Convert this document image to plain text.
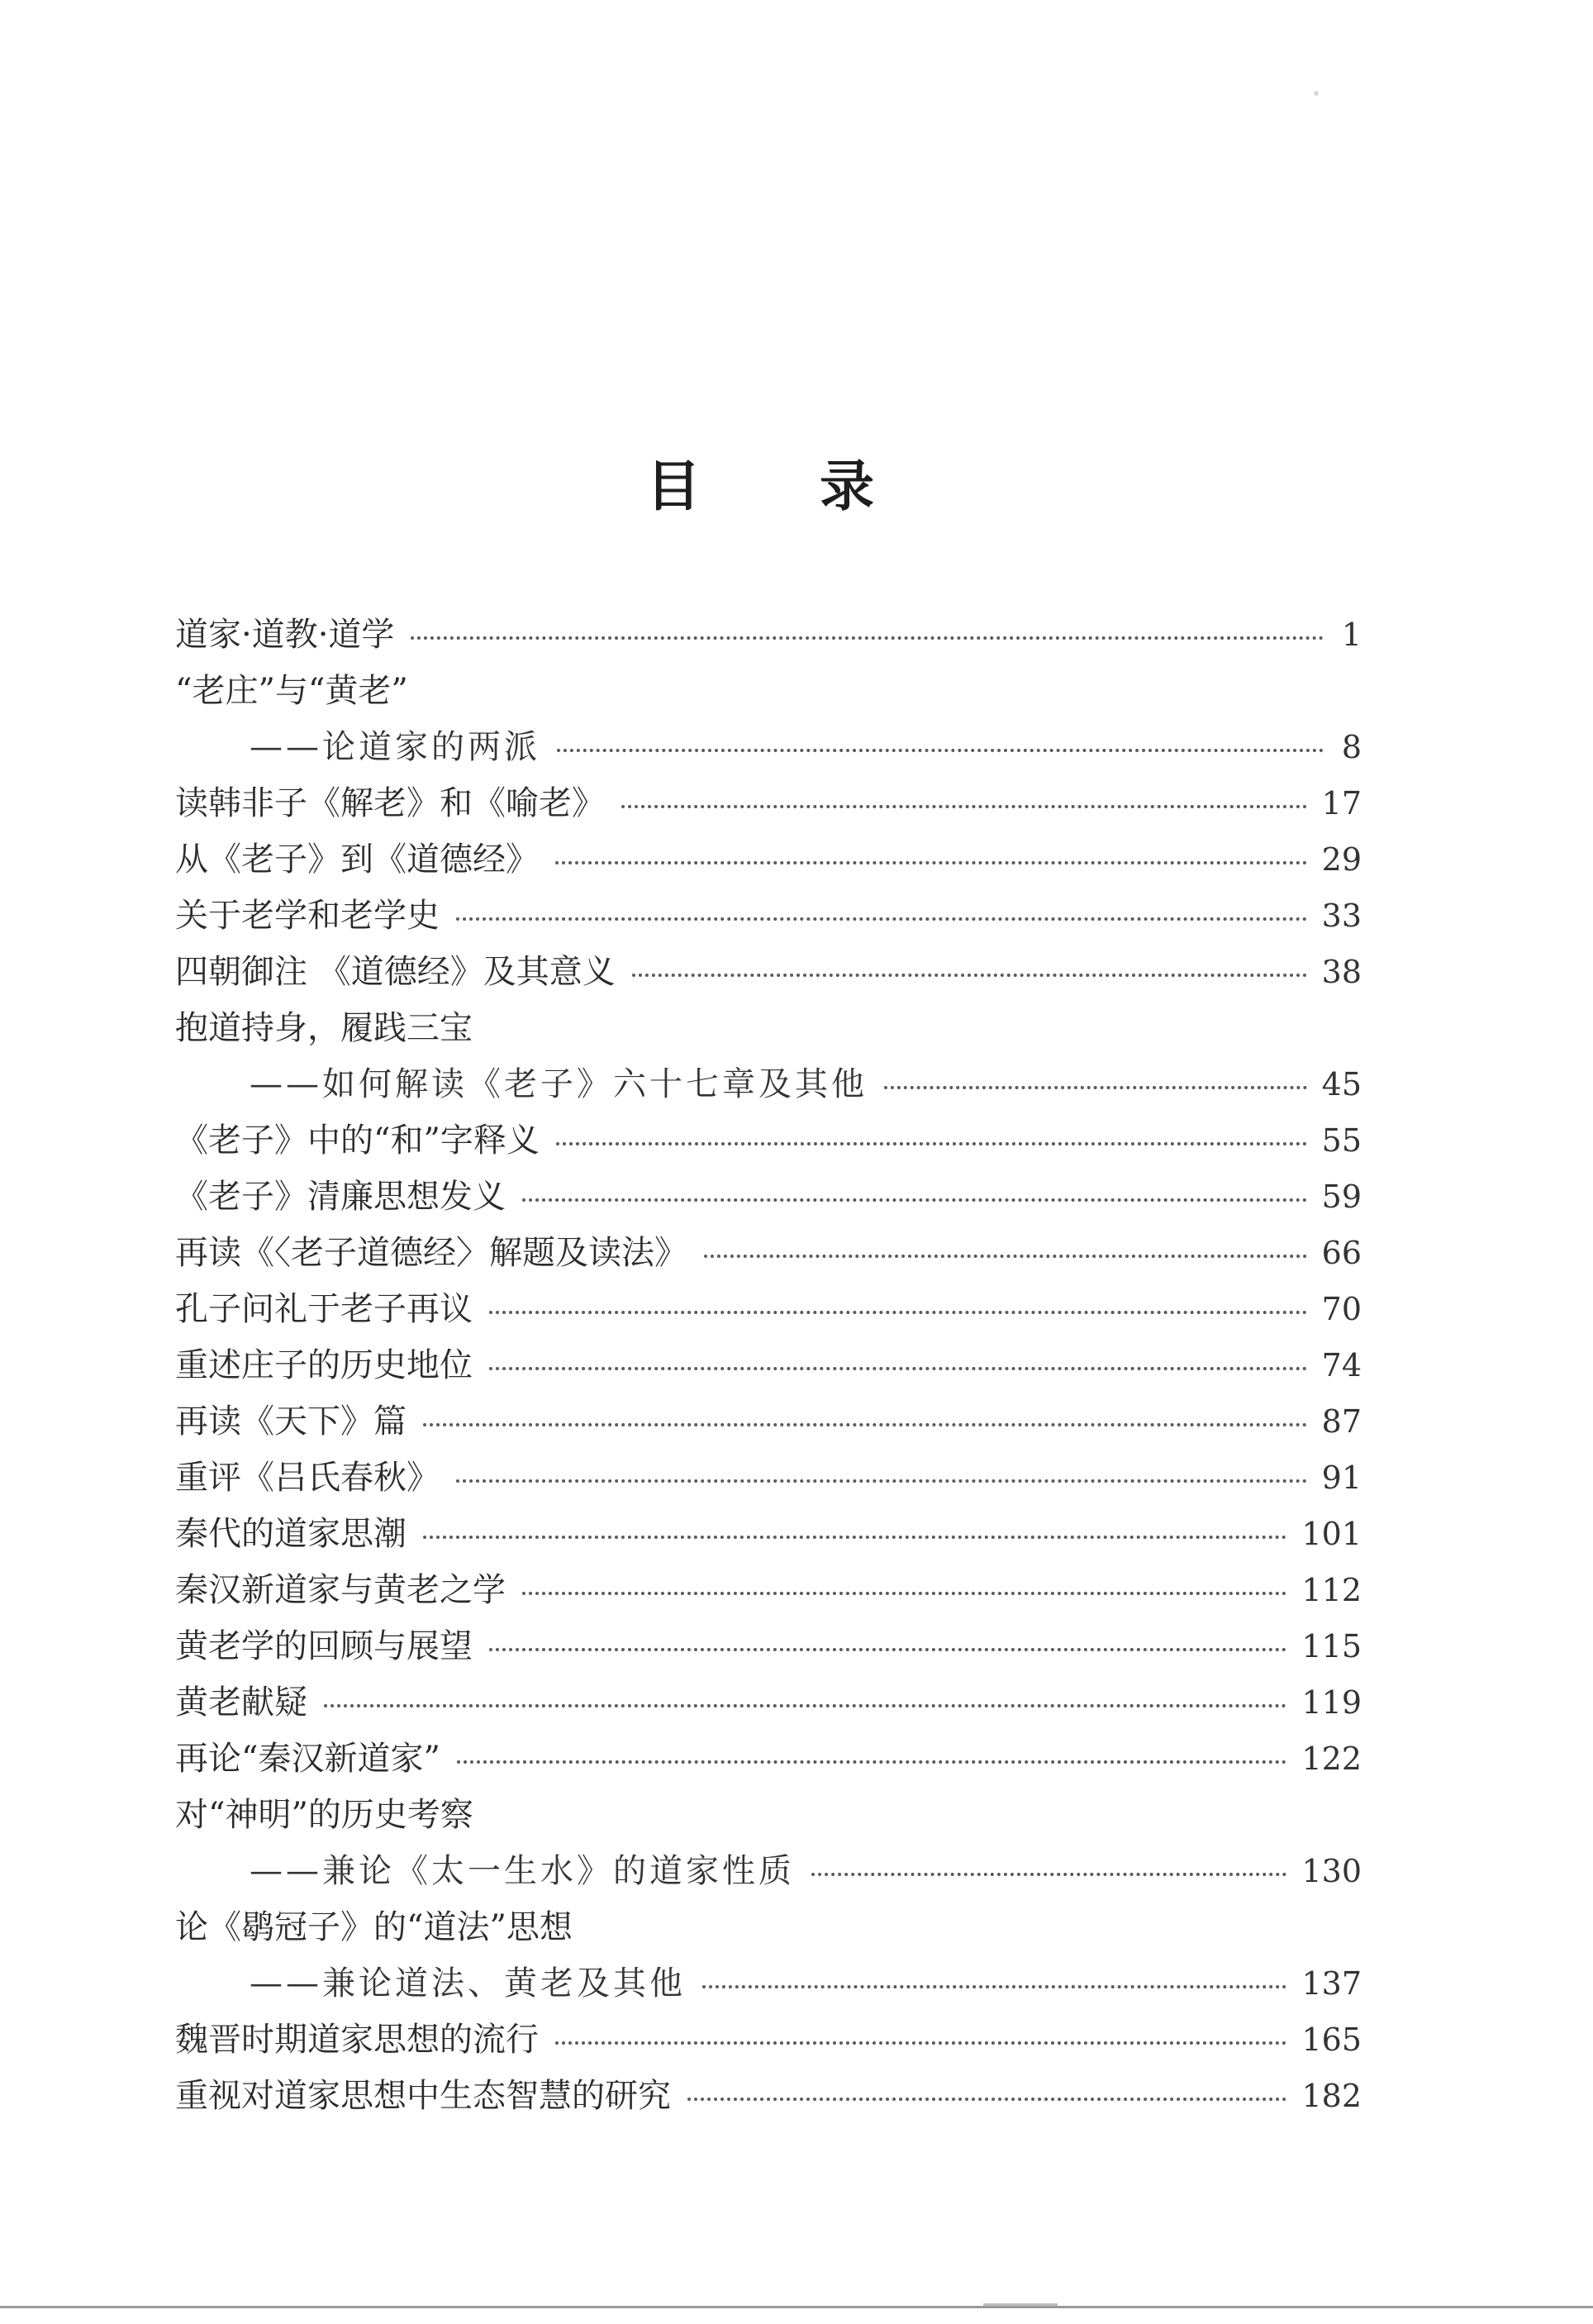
目 录
道家·道教·道学	1
“老庄”与“黄老”
——论道家的两派	8
读韩非子《解老》和《喻老》	17
从《老子》到《道德经》	29
关于老学和老学史	33
四朝御注 《道德经》及其意义	38
抱道持身，履践三宝
——如何解读《老子》六十七章及其他	45
《老子》中的“和”字释义	55
《老子》清廉思想发义	59
再读《〈老子道德经〉解题及读法》	66
孔子问礼于老子再议	70
重述庄子的历史地位	74
再读《天下》篇	87
重评《吕氏春秋》	91
秦代的道家思潮	101
秦汉新道家与黄老之学	112
黄老学的回顾与展望	115
黄老献疑	119
再论“秦汉新道家”	122
对“神明”的历史考察
——兼论《太一生水》的道家性质	130
论《鹖冠子》的“道法”思想
——兼论道法、黄老及其他	137
魏晋时期道家思想的流行	165
重视对道家思想中生态智慧的研究	182
